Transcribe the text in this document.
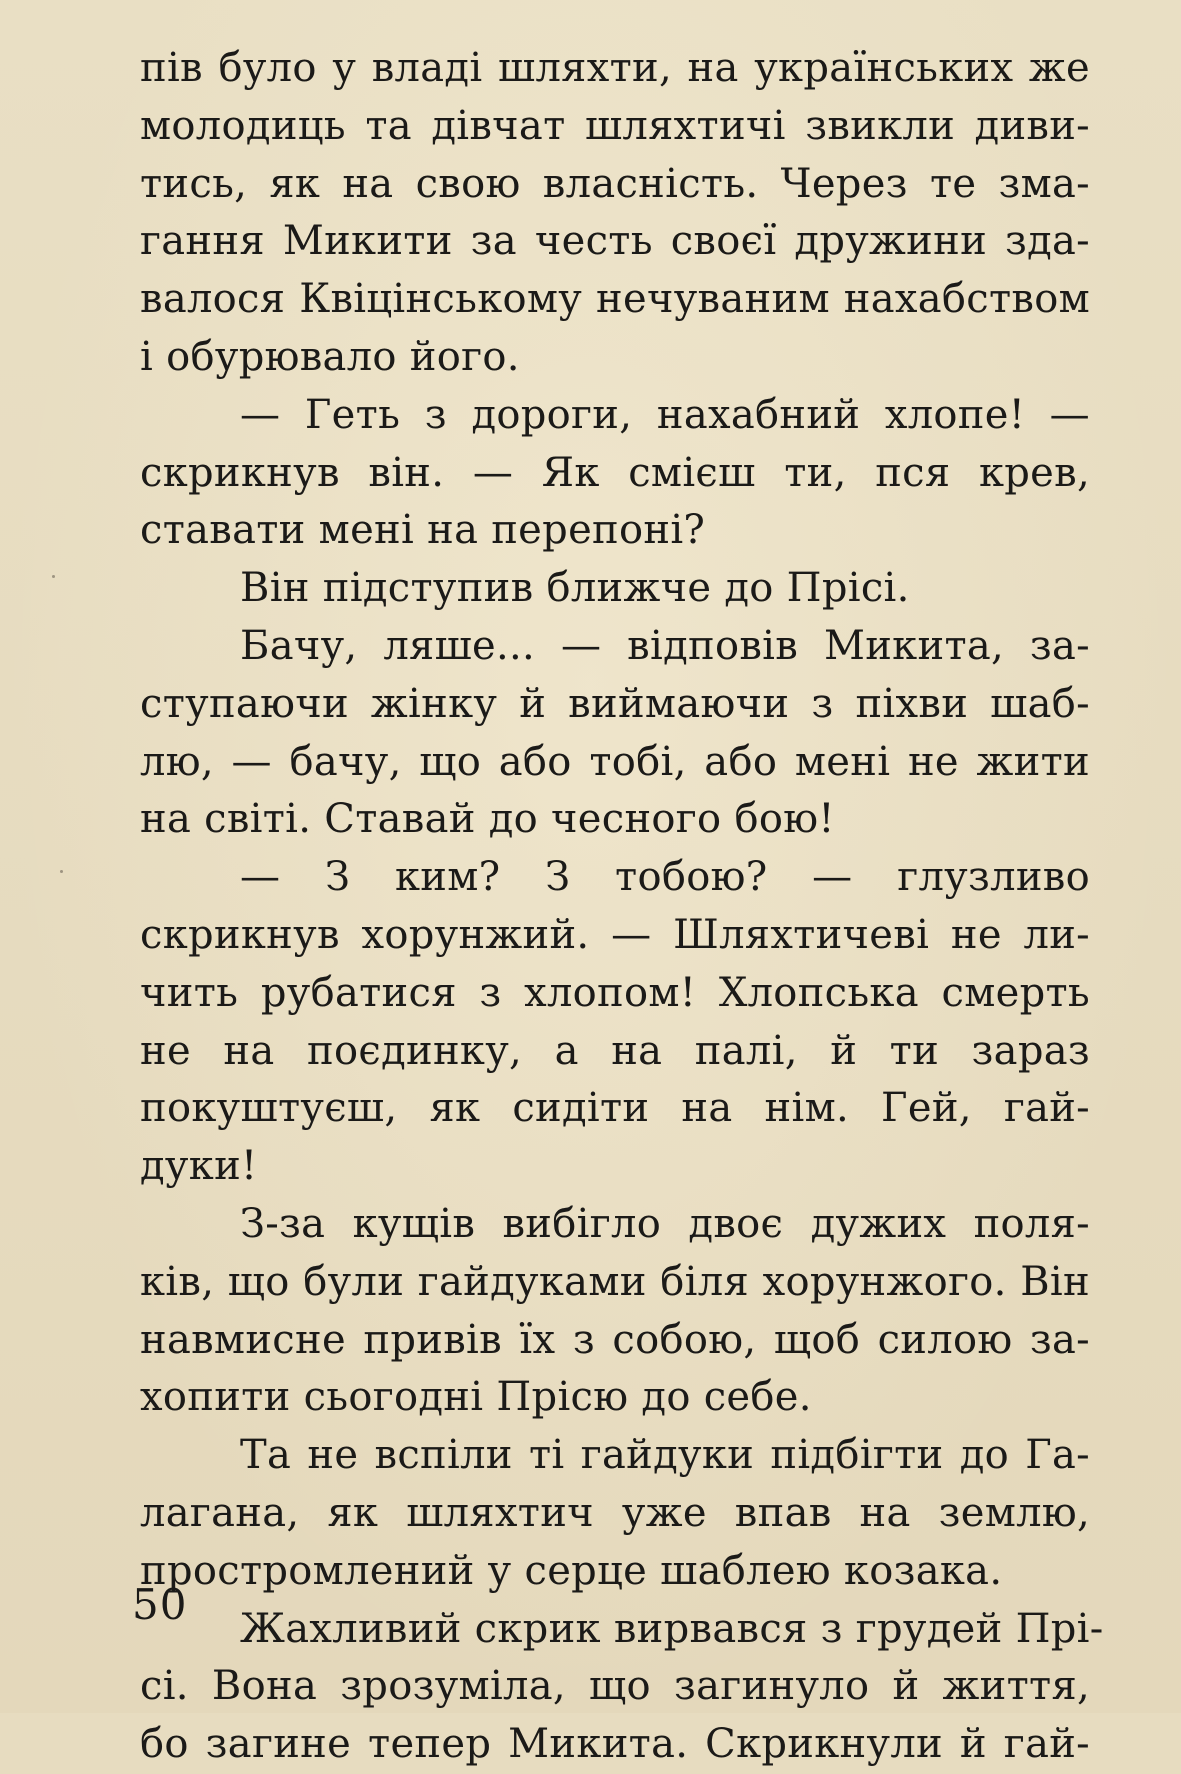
пів було у владі шляхти, на українських же
молодиць та дівчат шляхтичі звикли диви-
тись, як на свою власність. Через те зма-
гання Микити за честь своєї дружини зда-
валося Квіцінському нечуваним нахабством
і обурювало його.
— Геть з дороги, нахабний хлопе! —
скрикнув він. — Як смієш ти, пся крев,
ставати мені на перепоні?
Він підступив ближче до Прісі.
Бачу, ляше... — відповів Микита, за-
ступаючи жінку й виймаючи з піхви шаб-
лю, — бачу, що або тобі, або мені не жити
на світі. Ставай до чесного бою!
— З ким? З тобою? — глузливо
скрикнув хорунжий. — Шляхтичеві не ли-
чить рубатися з хлопом! Хлопська смерть
не на поєдинку, а на палі, й ти зараз
покуштуєш, як сидіти на нім. Гей, гай-
дуки!
З-за кущів вибігло двоє дужих поля-
ків, що були гайдуками біля хорунжого. Він
навмисне привів їх з собою, щоб силою за-
хопити сьогодні Прісю до себе.
Та не вспіли ті гайдуки підбігти до Га-
лагана, як шляхтич уже впав на землю,
простромлений у серце шаблею козака.
Жахливий скрик вирвався з грудей Прі-
сі. Вона зрозуміла, що загинуло й життя,
бо загине тепер Микита. Скрикнули й гай-
50
